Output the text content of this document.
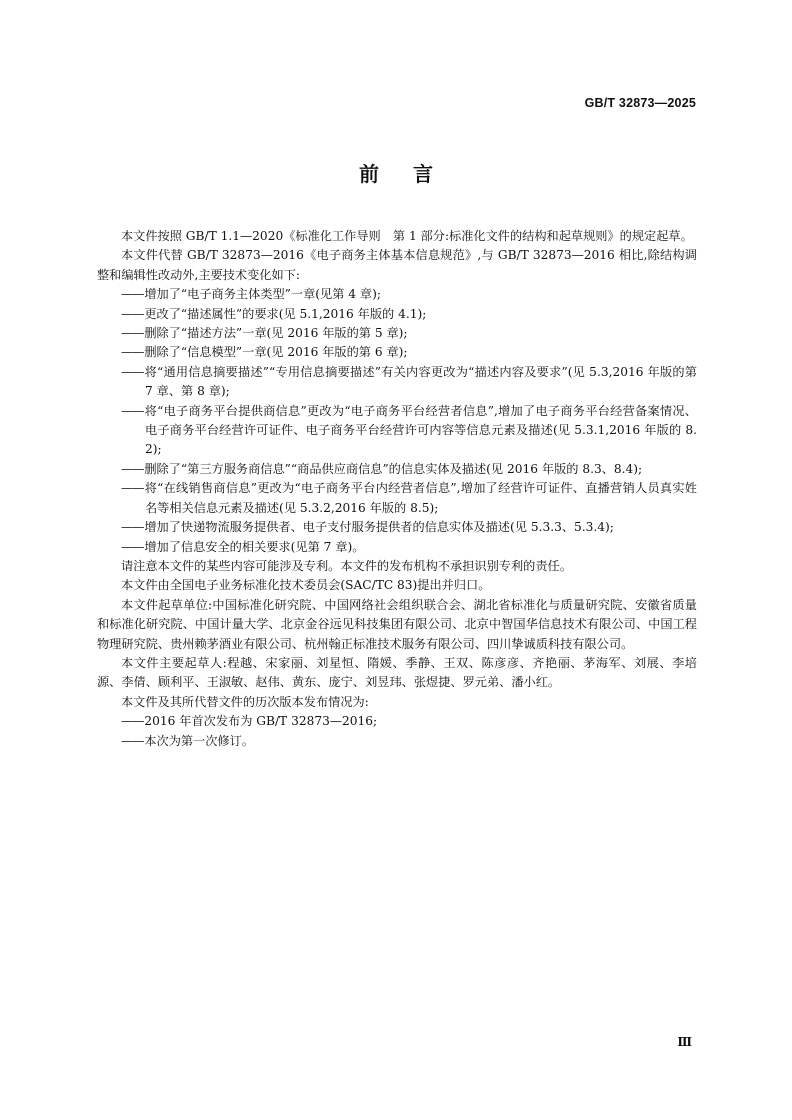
GB/T 32873—2025
前言

本文件按照 GB/T 1.1—2020《标准化工作导则　第 1 部分:标准化文件的结构和起草规则》的规定起草。

本文件代替 GB/T 32873—2016《电子商务主体基本信息规范》,与 GB/T 32873—2016 相比,除结构调整和编辑性改动外,主要技术变化如下:

—— 增加了“电子商务主体类型”一章(见第 4 章);

—— 更改了“描述属性”的要求(见 5.1,2016 年版的 4.1);

—— 删除了“描述方法”一章(见 2016 年版的第 5 章);

—— 删除了“信息模型”一章(见 2016 年版的第 6 章);

—— 将“通用信息摘要描述”“专用信息摘要描述”有关内容更改为“描述内容及要求”(见 5.3,2016 年版的第 7 章、第 8 章);

—— 将“电子商务平台提供商信息”更改为“电子商务平台经营者信息”,增加了电子商务平台经营备案情况、电子商务平台经营许可证件、电子商务平台经营许可内容等信息元素及描述(见 5.3.1,2016 年版的 8.2);

—— 删除了“第三方服务商信息”“商品供应商信息”的信息实体及描述(见 2016 年版的 8.3、8.4);

—— 将“在线销售商信息”更改为“电子商务平台内经营者信息”,增加了经营许可证件、直播营销人员真实姓名等相关信息元素及描述(见 5.3.2,2016 年版的 8.5);

—— 增加了快递物流服务提供者、电子支付服务提供者的信息实体及描述(见 5.3.3、5.3.4);

—— 增加了信息安全的相关要求(见第 7 章)。

请注意本文件的某些内容可能涉及专利。本文件的发布机构不承担识别专利的责任。

本文件由全国电子业务标准化技术委员会(SAC/TC 83)提出并归口。

本文件起草单位:中国标准化研究院、中国网络社会组织联合会、湖北省标准化与质量研究院、安徽省质量和标准化研究院、中国计量大学、北京金谷远见科技集团有限公司、北京中智国华信息技术有限公司、中国工程物理研究院、贵州赖茅酒业有限公司、杭州翰正标准技术服务有限公司、四川挚诚质科技有限公司。

本文件主要起草人:程越、宋家丽、刘星恒、隋媛、季静、王双、陈彦彦、齐艳丽、茅海军、刘展、李培源、李倩、顾利平、王淑敏、赵伟、黄东、庞宁、刘昱玮、张煜捷、罗元弟、潘小红。

本文件及其所代替文件的历次版本发布情况为:

—— 2016 年首次发布为 GB/T 32873—2016;

—— 本次为第一次修订。

Ⅲ
